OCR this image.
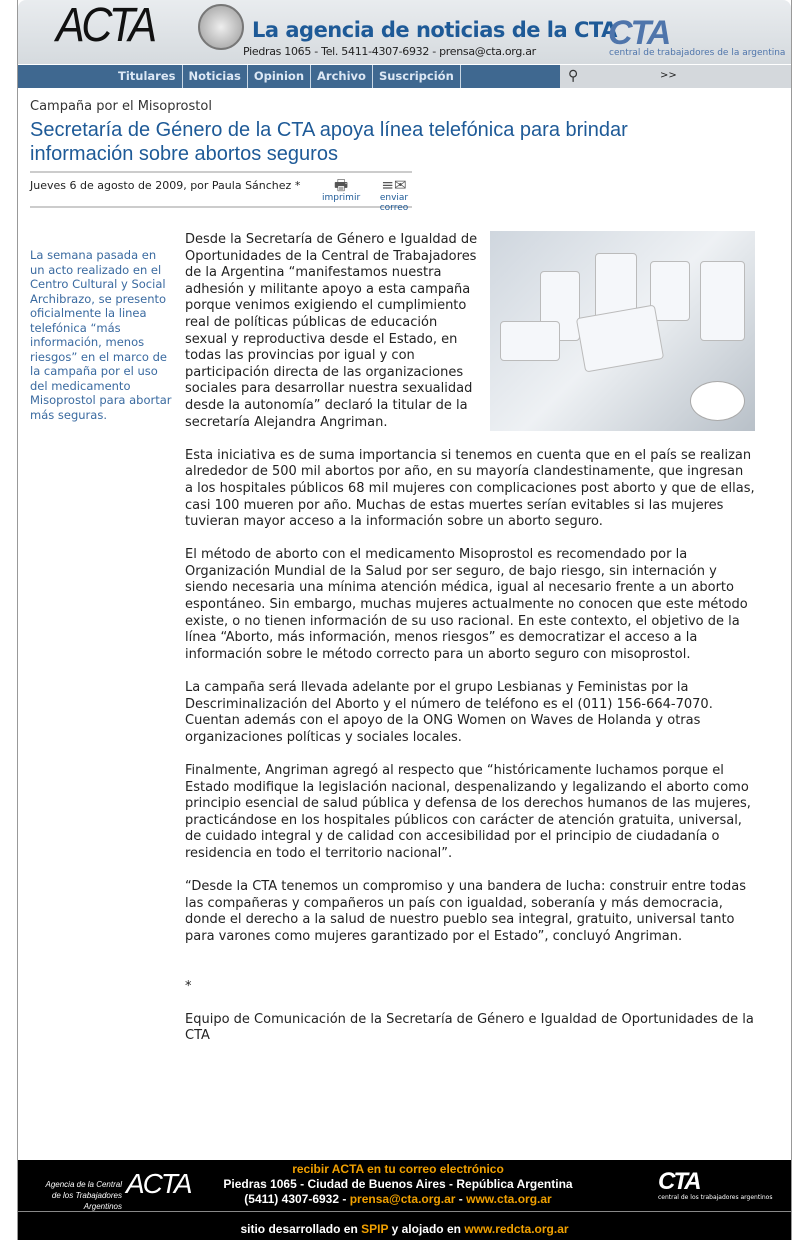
ACTA	La agencia de noticias de la CTA
Piedras 1065 - Tel. 5411-4307-6932 - prensa@cta.org.ar CTA
central de trabajadores de la argentina
Titulares	Noticias	Opinion	Archivo	Suscripción	⚲	>>
Campaña por el Misoprostol
Secretaría de Género de la CTA apoya línea telefónica para brindar información sobre abortos seguros
Jueves 6 de agosto de 2009, por Paula Sánchez *	🖶
imprimir
≡✉
enviar correo
La semana pasada en un acto realizado en el Centro Cultural y Social Archibrazo, se presento oficialmente la linea telefónica “más información, menos riesgos” en el marco de la campaña por el uso del medicamento Misoprostol para abortar más seguras.

Desde la Secretaría de Género e Igualdad de Oportunidades de la Central de Trabajadores de la Argentina “manifestamos nuestra adhesión y militante apoyo a esta campaña porque venimos exigiendo el cumplimiento real de políticas públicas de educación sexual y reproductiva desde el Estado, en todas las provincias por igual y con participación directa de las organizaciones sociales para desarrollar nuestra sexualidad desde la autonomía” declaró la titular de la secretaría Alejandra Angriman.

Esta iniciativa es de suma importancia si tenemos en cuenta que en el país se realizan alrededor de 500 mil abortos por año, en su mayoría clandestinamente, que ingresan a los hospitales públicos 68 mil mujeres con complicaciones post aborto y que de ellas, casi 100 mueren por año. Muchas de estas muertes serían evitables si las mujeres tuvieran mayor acceso a la información sobre un aborto seguro.

El método de aborto con el medicamento Misoprostol es recomendado por la Organización Mundial de la Salud por ser seguro, de bajo riesgo, sin internación y siendo necesaria una mínima atención médica, igual al necesario frente a un aborto espontáneo. Sin embargo, muchas mujeres actualmente no conocen que este método existe, o no tienen información de su uso racional. En este contexto, el objetivo de la línea “Aborto, más información, menos riesgos” es democratizar el acceso a la información sobre le método correcto para un aborto seguro con misoprostol.

La campaña será llevada adelante por el grupo Lesbianas y Feministas por la Descriminalización del Aborto y el número de teléfono es el (011) 156-664-7070. Cuentan además con el apoyo de la ONG Women on Waves de Holanda y otras organizaciones políticas y sociales locales.

Finalmente, Angriman agregó al respecto que “históricamente luchamos porque el Estado modifique la legislación nacional, despenalizando y legalizando el aborto como principio esencial de salud pública y defensa de los derechos humanos de las mujeres, practicándose en los hospitales públicos con carácter de atención gratuita, universal, de cuidado integral y de calidad con accesibilidad por el principio de ciudadanía o residencia en todo el territorio nacional”.

“Desde la CTA tenemos un compromiso y una bandera de lucha: construir entre todas las compañeras y compañeros un país con igualdad, soberanía y más democracia, donde el derecho a la salud de nuestro pueblo sea integral, gratuito, universal tanto para varones como mujeres garantizado por el Estado”, concluyó Angriman.

*

Equipo de Comunicación de la Secretaría de Género e Igualdad de Oportunidades de la CTA

Agencia de la Central de los Trabajadores Argentinos
ACTA	recibir ACTA en tu correo electrónico
Piedras 1065 - Ciudad de Buenos Aires - República Argentina
(5411) 4307-6932 - prensa@cta.org.ar - www.cta.org.ar
CTA
central de los trabajadores argentinos
sitio desarrollado en SPIP y alojado en www.redcta.org.ar
